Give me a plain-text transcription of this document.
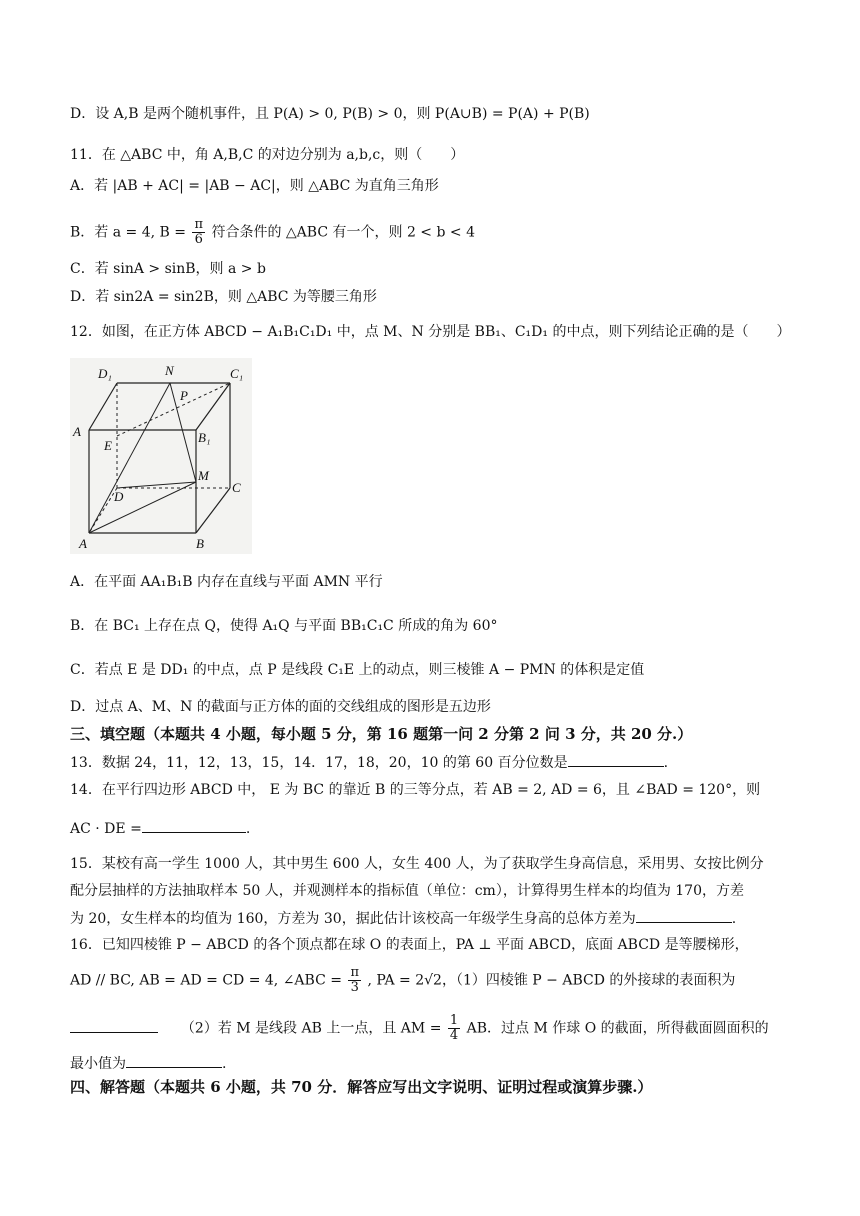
D．设 A,B 是两个随机事件，且 P(A) > 0, P(B) > 0，则 P(A∪B) = P(A) + P(B)
11．在 △ABC 中，角 A,B,C 的对边分别为 a,b,c，则（　　）
A．若 |AB + AC| = |AB − AC|，则 △ABC 为直角三角形
B．若 a = 4, $B = \frac{\pi}{6}$ 符合条件的 △ABC 有一个，则 2 < b < 4
C．若 sinA > sinB，则 a > b
D．若 sin2A = sin2B，则 △ABC 为等腰三角形
12．如图，在正方体 ABCD − A₁B₁C₁D₁ 中，点 M、N 分别是 BB₁、C₁D₁ 的中点，则下列结论正确的是（　　）
D₁	N	C₁
P
A	B₁
E
M
D
C
A	B
A．在平面 AA₁B₁B 内存在直线与平面 AMN 平行
B．在 BC₁ 上存在点 Q，使得 A₁Q 与平面 BB₁C₁C 所成的角为 60°
C．若点 E 是 DD₁ 的中点，点 P 是线段 C₁E 上的动点，则三棱锥 A − PMN 的体积是定值
D．过点 A、M、N 的截面与正方体的面的交线组成的图形是五边形
三、填空题（本题共 4 小题，每小题 5 分，第 16 题第一问 2 分第 2 问 3 分，共 20 分.）
13．数据 24，11，12，13，15，14．17，18，20，10 的第 60 百分位数是	.
14．在平行四边形 ABCD 中， E 为 BC 的靠近 B 的三等分点，若 AB = 2, AD = 6，且 ∠BAD = 120°，则
AC · DE =	.
15．某校有高一学生 1000 人，其中男生 600 人，女生 400 人，为了获取学生身高信息，采用男、女按比例分
配分层抽样的方法抽取样本 50 人，并观测样本的指标值（单位：cm），计算得男生样本的均值为 170，方差
为 20，女生样本的均值为 160，方差为 30，据此估计该校高一年级学生身高的总体方差为	.
16．已知四棱锥 P − ABCD 的各个顶点都在球 O 的表面上，PA ⊥ 平面 ABCD，底面 ABCD 是等腰梯形，
AD // BC, AB = AD = CD = 4, ∠ABC = $\frac{\pi}{3}$ , PA = 2√2，（1）四棱锥 P − ABCD 的外接球的表面积为
（2）若 M 是线段 AB 上一点，且 AM = $\frac{1}{4}$ AB．过点 M 作球 O 的截面，所得截面圆面积的
最小值为	.
四、解答题（本题共 6 小题，共 70 分．解答应写出文字说明、证明过程或演算步骤.）
